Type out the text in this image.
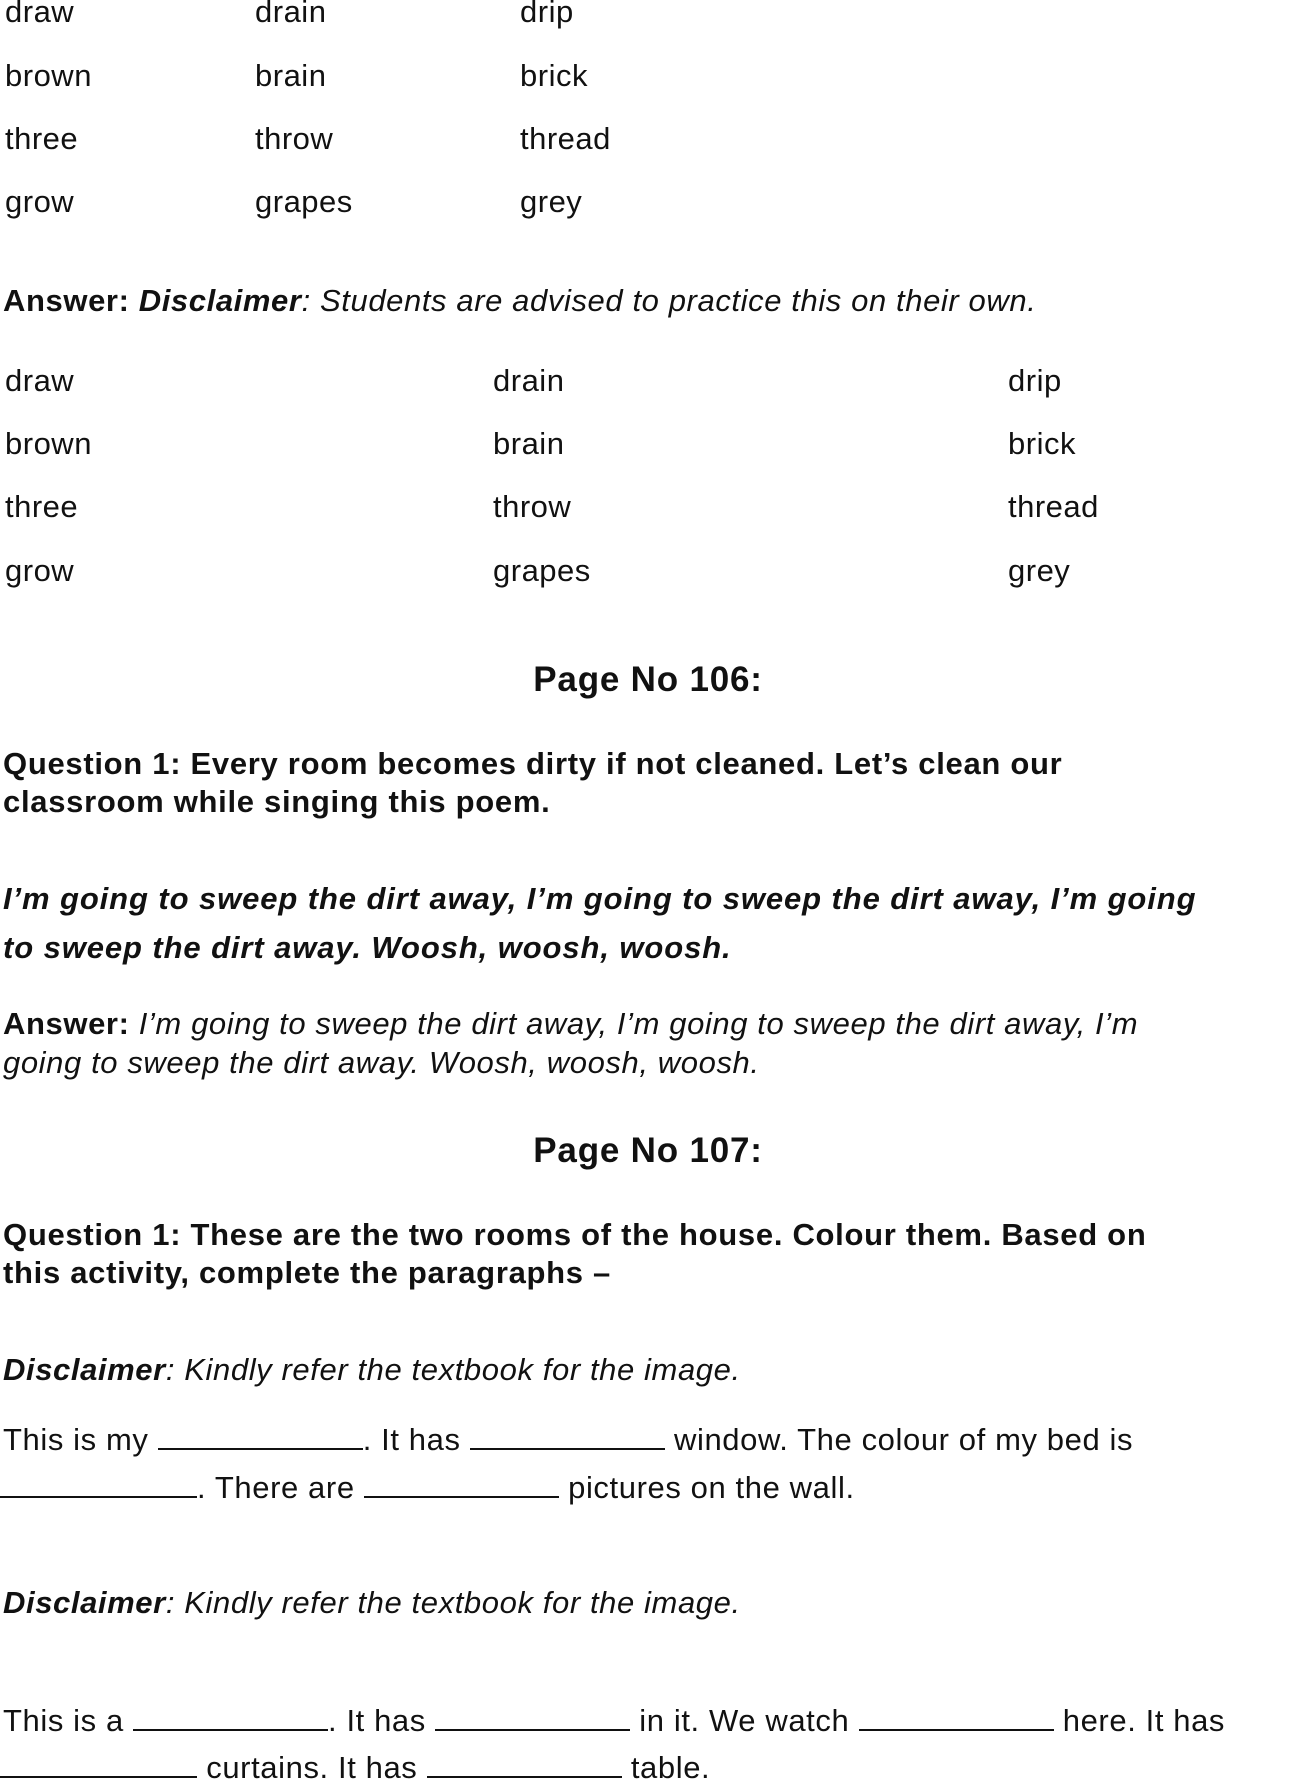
draw	drain	drip
brown	brain	brick
three	throw	thread
grow	grapes	grey
Answer: Disclaimer: Students are advised to practice this on their own.
draw	drain	drip
brown	brain	brick
three	throw	thread
grow	grapes	grey
Page No 106:
Question 1: Every room becomes dirty if not cleaned. Let’s clean our
classroom while singing this poem.
I’m going to sweep the dirt away, I’m going to sweep the dirt away, I’m going
to sweep the dirt away. Woosh, woosh, woosh.
Answer: I’m going to sweep the dirt away, I’m going to sweep the dirt away, I’m
going to sweep the dirt away. Woosh, woosh, woosh.
Page No 107:
Question 1: These are the two rooms of the house. Colour them. Based on
this activity, complete the paragraphs –
Disclaimer: Kindly refer the textbook for the image.
This is my	. It has	window. The colour of my bed is
. There are	pictures on the wall.
Disclaimer: Kindly refer the textbook for the image.
This is a	. It has	in it. We watch	here. It has
curtains. It has	table.
